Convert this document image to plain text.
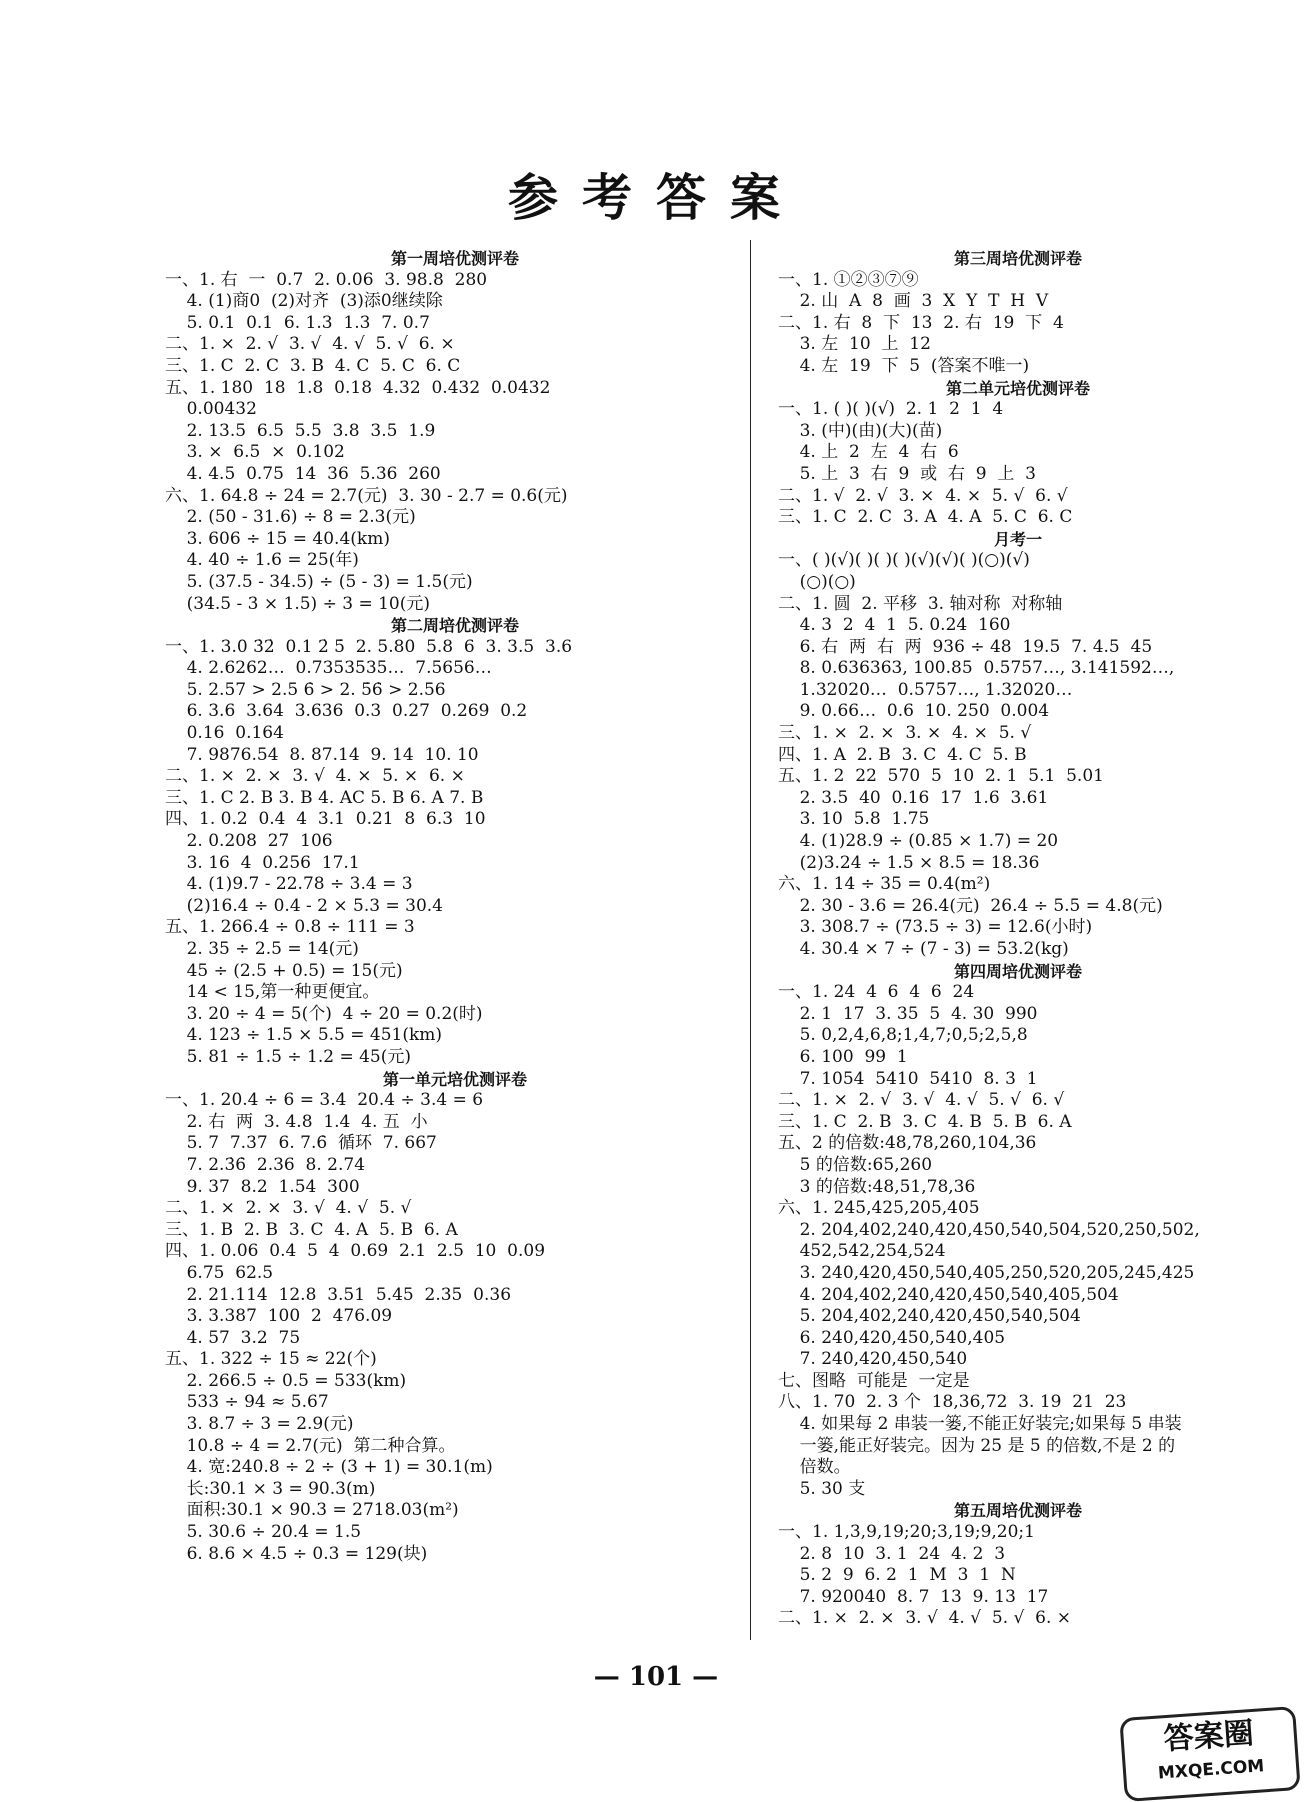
参考答案
第一周培优测评卷
一、1. 右  一  0.7  2. 0.06  3. 98.8  280
4. (1)商0  (2)对齐  (3)添0继续除
5. 0.1  0.1  6. 1.3  1.3  7. 0.7
二、1. ×  2. √  3. √  4. √  5. √  6. ×
三、1. C  2. C  3. B  4. C  5. C  6. C
五、1. 180  18  1.8  0.18  4.32  0.432  0.0432
0.00432
2. 13.5  6.5  5.5  3.8  3.5  1.9
3. ×  6.5  ×  0.102
4. 4.5  0.75  14  36  5.36  260
六、1. 64.8 ÷ 24 = 2.7(元)  3. 30 - 2.7 = 0.6(元)
2. (50 - 31.6) ÷ 8 = 2.3(元)
3. 606 ÷ 15 = 40.4(km)
4. 40 ÷ 1.6 = 25(年)
5. (37.5 - 34.5) ÷ (5 - 3) = 1.5(元)
(34.5 - 3 × 1.5) ÷ 3 = 10(元)
第二周培优测评卷
一、1. 3.0 3̇2̇  0.1 2̇ 5̇  2. 5.80  5.8  6  3. 3.5  3.6
4. 2.6262…  0.7353535…  7.5656…
5. 2.57 > 2.5 6̇ > 2. 5̇6̇ > 2.56
6. 3.6  3.64  3.636  0.3  0.27  0.269  0.2
0.16  0.164
7. 9876.54  8. 87.14  9. 14  10. 10
二、1. ×  2. ×  3. √  4. ×  5. ×  6. ×
三、1. C 2. B 3. B 4. AC 5. B 6. A 7. B
四、1. 0.2  0.4  4  3.1  0.21  8  6.3  10
2. 0.208  27  106
3. 16  4  0.256  17.1
4. (1)9.7 - 22.78 ÷ 3.4 = 3
(2)16.4 ÷ 0.4 - 2 × 5.3 = 30.4
五、1. 266.4 ÷ 0.8 ÷ 111 = 3
2. 35 ÷ 2.5 = 14(元)
45 ÷ (2.5 + 0.5) = 15(元)
14 < 15,第一种更便宜。
3. 20 ÷ 4 = 5(个)  4 ÷ 20 = 0.2(时)
4. 123 ÷ 1.5 × 5.5 = 451(km)
5. 81 ÷ 1.5 ÷ 1.2 = 45(元)
第一单元培优测评卷
一、1. 20.4 ÷ 6 = 3.4  20.4 ÷ 3.4 = 6
2. 右  两  3. 4.8  1.4  4. 五  小
5. 7  7.37  6. 7.6̇  循环  7. 667
7. 2.3̇6̇  2.36  8. 2.74
9. 37  8.2  1.54  300
二、1. ×  2. ×  3. √  4. √  5. √
三、1. B  2. B  3. C  4. A  5. B  6. A
四、1. 0.06  0.4  5  4  0.69  2.1  2.5  10  0.09
6.75  62.5
2. 21.114  12.8  3.51  5.45  2.35  0.36
3. 3.387  100  2  476.09
4. 57  3.2  75
五、1. 322 ÷ 15 ≈ 22(个)
2. 266.5 ÷ 0.5 = 533(km)
533 ÷ 94 ≈ 5.67
3. 8.7 ÷ 3 = 2.9(元)
10.8 ÷ 4 = 2.7(元)  第二种合算。
4. 宽:240.8 ÷ 2 ÷ (3 + 1) = 30.1(m)
长:30.1 × 3 = 90.3(m)
面积:30.1 × 90.3 = 2718.03(m²)
5. 30.6 ÷ 20.4 = 1.5
6. 8.6 × 4.5 ÷ 0.3 = 129(块)
第三周培优测评卷
一、1. ①②③⑦⑨
2. 山  A  8  画  3  X  Y  T  H  V
二、1. 右  8  下  13  2. 右  19  下  4
3. 左  10  上  12
4. 左  19  下  5  (答案不唯一)
第二单元培优测评卷
一、1. ( )( )(√)  2. 1  2  1  4
3. (中)(由)(大)(苗)
4. 上  2  左  4  右  6
5. 上  3  右  9  或  右  9  上  3
二、1. √  2. √  3. ×  4. ×  5. √  6. √
三、1. C  2. C  3. A  4. A  5. C  6. C
月考一
一、( )(√)( )( )( )(√)(√)( )(○)(√)
(○)(○)
二、1. 圆  2. 平移  3. 轴对称  对称轴
4. 3  2  4  1  5. 0.24  160
6. 右  两  右  两  936 ÷ 48  19.5  7. 4.5  45
8. 0.636363, 100.85  0.5757…, 3.141592…,
1.32020…  0.5757…, 1.32020…
9. 0.66…  0.6  10. 250  0.004
三、1. ×  2. ×  3. ×  4. ×  5. √
四、1. A  2. B  3. C  4. C  5. B
五、1. 2  22  570  5  10  2. 1  5.1  5.01
2. 3.5  40  0.16  17  1.6  3.61
3. 10  5.8  1.75
4. (1)28.9 ÷ (0.85 × 1.7) = 20
(2)3.24 ÷ 1.5 × 8.5 = 18.36
六、1. 14 ÷ 35 = 0.4(m²)
2. 30 - 3.6 = 26.4(元)  26.4 ÷ 5.5 = 4.8(元)
3. 308.7 ÷ (73.5 ÷ 3) = 12.6(小时)
4. 30.4 × 7 ÷ (7 - 3) = 53.2(kg)
第四周培优测评卷
一、1. 24  4  6  4  6  24
2. 1  17  3. 35  5  4. 30  990
5. 0,2,4,6,8;1,4,7;0,5;2,5,8
6. 100  99  1
7. 1054  5410  5410  8. 3  1
二、1. ×  2. √  3. √  4. √  5. √  6. √
三、1. C  2. B  3. C  4. B  5. B  6. A
五、2 的倍数:48,78,260,104,36
5 的倍数:65,260
3 的倍数:48,51,78,36
六、1. 245,425,205,405
2. 204,402,240,420,450,540,504,520,250,502,
452,542,254,524
3. 240,420,450,540,405,250,520,205,245,425
4. 204,402,240,420,450,540,405,504
5. 204,402,240,420,450,540,504
6. 240,420,450,540,405
7. 240,420,450,540
七、图略  可能是  一定是
八、1. 70  2. 3 个  18,36,72  3. 19  21  23
4. 如果每 2 串装一篓,不能正好装完;如果每 5 串装
一篓,能正好装完。因为 25 是 5 的倍数,不是 2 的
倍数。
5. 30 支
第五周培优测评卷
一、1. 1,3,9,19;20;3,19;9,20;1
2. 8  10  3. 1  24  4. 2  3
5. 2  9  6. 2  1  M  3  1  N
7. 920040  8. 7  13  9. 13  17
二、1. ×  2. ×  3. √  4. √  5. √  6. ×
— 101 —
答案圈
MXQE.COM
